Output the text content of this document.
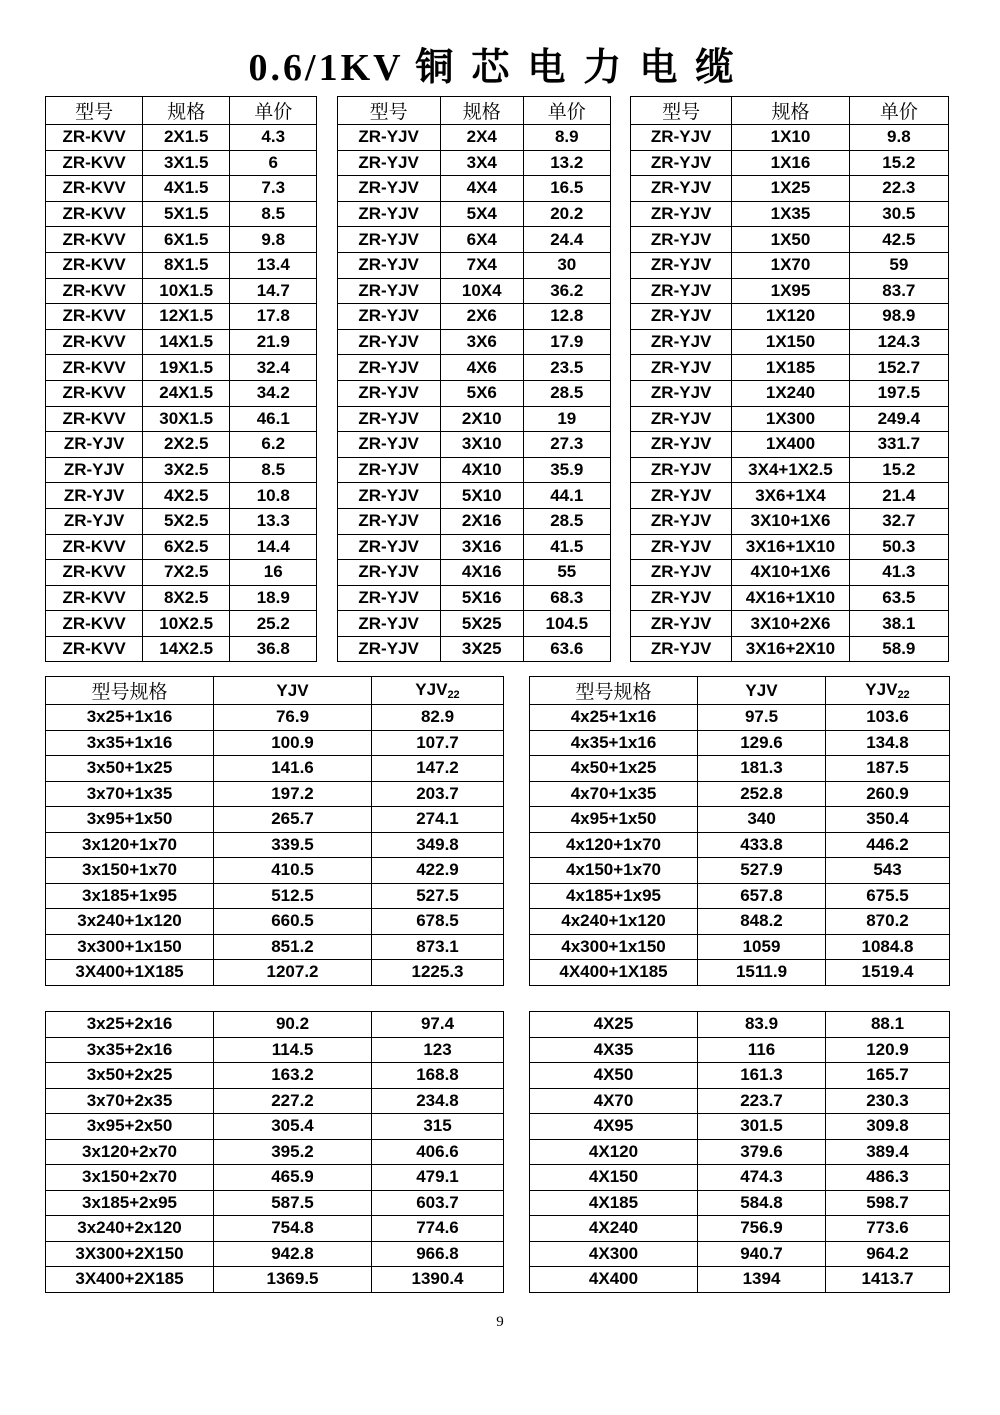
0.6/1KV 铜芯电力电缆
型号	规格	单价		型号	规格	单价		型号	规格	单价
ZR-KVV	2X1.5	4.3		ZR-YJV	2X4	8.9		ZR-YJV	1X10	9.8
ZR-KVV	3X1.5	6		ZR-YJV	3X4	13.2		ZR-YJV	1X16	15.2
ZR-KVV	4X1.5	7.3		ZR-YJV	4X4	16.5		ZR-YJV	1X25	22.3
ZR-KVV	5X1.5	8.5		ZR-YJV	5X4	20.2		ZR-YJV	1X35	30.5
ZR-KVV	6X1.5	9.8		ZR-YJV	6X4	24.4		ZR-YJV	1X50	42.5
ZR-KVV	8X1.5	13.4		ZR-YJV	7X4	30		ZR-YJV	1X70	59
ZR-KVV	10X1.5	14.7		ZR-YJV	10X4	36.2		ZR-YJV	1X95	83.7
ZR-KVV	12X1.5	17.8		ZR-YJV	2X6	12.8		ZR-YJV	1X120	98.9
ZR-KVV	14X1.5	21.9		ZR-YJV	3X6	17.9		ZR-YJV	1X150	124.3
ZR-KVV	19X1.5	32.4		ZR-YJV	4X6	23.5		ZR-YJV	1X185	152.7
ZR-KVV	24X1.5	34.2		ZR-YJV	5X6	28.5		ZR-YJV	1X240	197.5
ZR-KVV	30X1.5	46.1		ZR-YJV	2X10	19		ZR-YJV	1X300	249.4
ZR-YJV	2X2.5	6.2		ZR-YJV	3X10	27.3		ZR-YJV	1X400	331.7
ZR-YJV	3X2.5	8.5		ZR-YJV	4X10	35.9		ZR-YJV	3X4+1X2.5	15.2
ZR-YJV	4X2.5	10.8		ZR-YJV	5X10	44.1		ZR-YJV	3X6+1X4	21.4
ZR-YJV	5X2.5	13.3		ZR-YJV	2X16	28.5		ZR-YJV	3X10+1X6	32.7
ZR-KVV	6X2.5	14.4		ZR-YJV	3X16	41.5		ZR-YJV	3X16+1X10	50.3
ZR-KVV	7X2.5	16		ZR-YJV	4X16	55		ZR-YJV	4X10+1X6	41.3
ZR-KVV	8X2.5	18.9		ZR-YJV	5X16	68.3		ZR-YJV	4X16+1X10	63.5
ZR-KVV	10X2.5	25.2		ZR-YJV	5X25	104.5		ZR-YJV	3X10+2X6	38.1
ZR-KVV	14X2.5	36.8		ZR-YJV	3X25	63.6		ZR-YJV	3X16+2X10	58.9
型号规格	YJV	$YJV_{22}$		型号规格	YJV	$YJV_{22}$
3x25+1x16	76.9	82.9		4x25+1x16	97.5	103.6
3x35+1x16	100.9	107.7		4x35+1x16	129.6	134.8
3x50+1x25	141.6	147.2		4x50+1x25	181.3	187.5
3x70+1x35	197.2	203.7		4x70+1x35	252.8	260.9
3x95+1x50	265.7	274.1		4x95+1x50	340	350.4
3x120+1x70	339.5	349.8		4x120+1x70	433.8	446.2
3x150+1x70	410.5	422.9		4x150+1x70	527.9	543
3x185+1x95	512.5	527.5		4x185+1x95	657.8	675.5
3x240+1x120	660.5	678.5		4x240+1x120	848.2	870.2
3x300+1x150	851.2	873.1		4x300+1x150	1059	1084.8
3X400+1X185	1207.2	1225.3		4X400+1X185	1511.9	1519.4
3x25+2x16	90.2	97.4		4X25	83.9	88.1
3x35+2x16	114.5	123		4X35	116	120.9
3x50+2x25	163.2	168.8		4X50	161.3	165.7
3x70+2x35	227.2	234.8		4X70	223.7	230.3
3x95+2x50	305.4	315		4X95	301.5	309.8
3x120+2x70	395.2	406.6		4X120	379.6	389.4
3x150+2x70	465.9	479.1		4X150	474.3	486.3
3x185+2x95	587.5	603.7		4X185	584.8	598.7
3x240+2x120	754.8	774.6		4X240	756.9	773.6
3X300+2X150	942.8	966.8		4X300	940.7	964.2
3X400+2X185	1369.5	1390.4		4X400	1394	1413.7
9
